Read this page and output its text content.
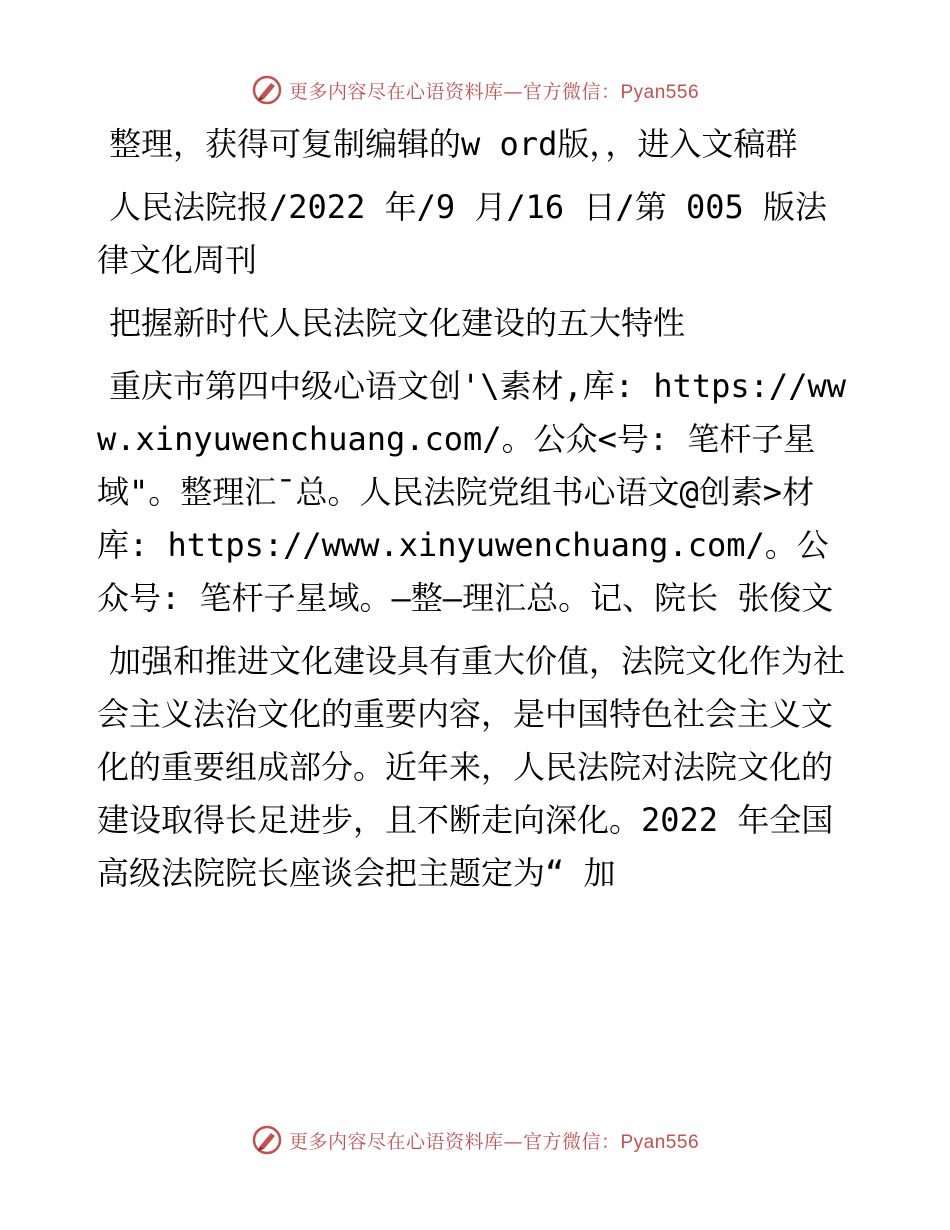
更多内容尽在心语资料库—官方微信：Pyan556

整理，获得可复制编辑的w ord版，，进入文稿群

人民法院报/2022 年/9 月/16 日/第 005 版法律文化周刊

把握新时代人民法院文化建设的五大特性

重庆市第四中级心语文创'\素材,库: https://www.xinyuwenchuang.com/。公众<号: 笔杆子星域"。整理汇¯总。人民法院党组书心语文@创素>材库: https://www.xinyuwenchuang.com/。公众号: 笔杆子星域。—整—理汇总。记、院长 张俊文

加强和推进文化建设具有重大价值，法院文化作为社会主义法治文化的重要内容，是中国特色社会主义文化的重要组成部分。近年来，人民法院对法院文化的建设取得长足进步，且不断走向深化。2022 年全国高级法院院长座谈会把主题定为“ 加

更多内容尽在心语资料库—官方微信：Pyan556
